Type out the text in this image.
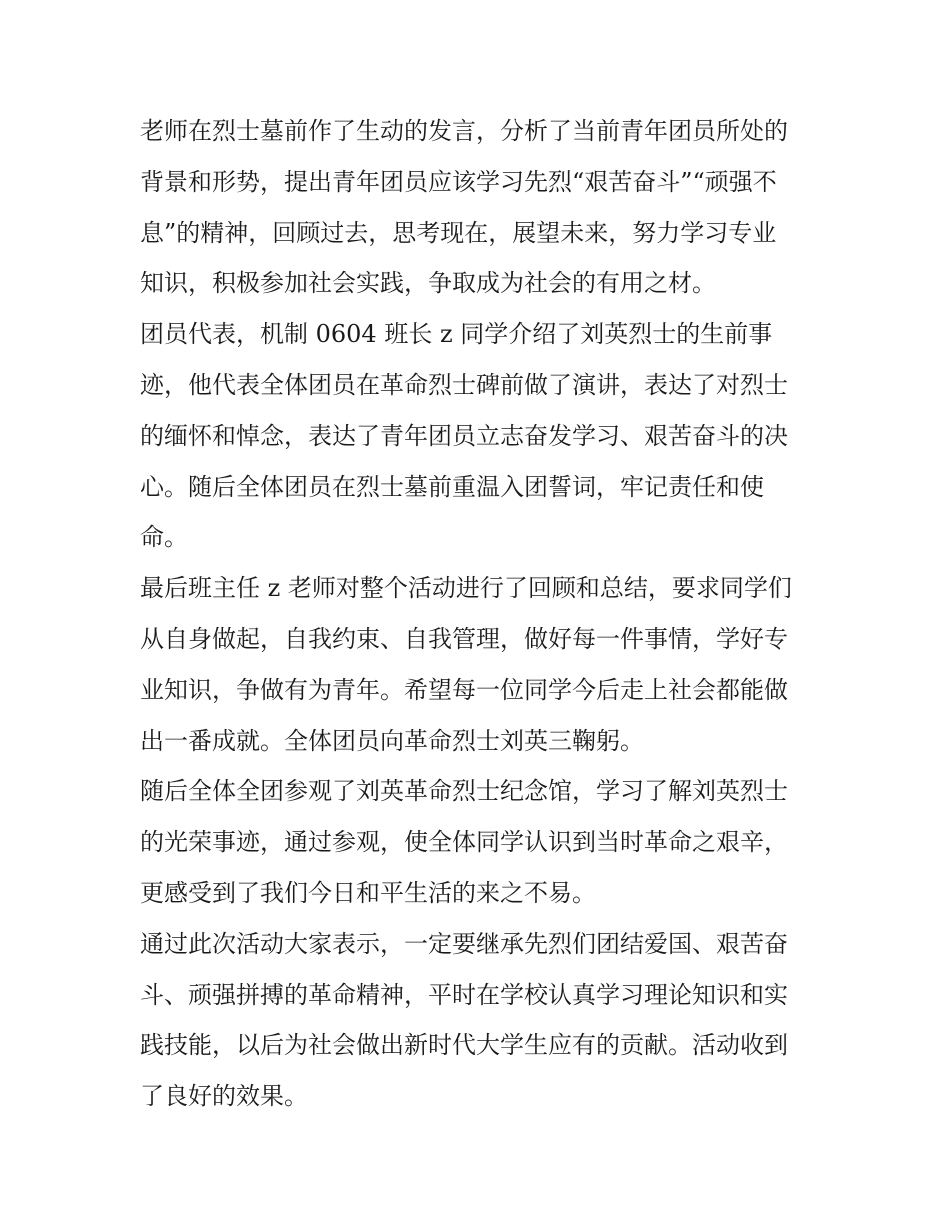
老师在烈士墓前作了生动的发言，分析了当前青年团员所处的
背景和形势，提出青年团员应该学习先烈“艰苦奋斗”“顽强不
息”的精神，回顾过去，思考现在，展望未来，努力学习专业
知识，积极参加社会实践，争取成为社会的有用之材。
团员代表，机制 0604 班长 z 同学介绍了刘英烈士的生前事
迹，他代表全体团员在革命烈士碑前做了演讲，表达了对烈士
的缅怀和悼念，表达了青年团员立志奋发学习、艰苦奋斗的决
心。随后全体团员在烈士墓前重温入团誓词，牢记责任和使
命。
最后班主任 z 老师对整个活动进行了回顾和总结，要求同学们
从自身做起，自我约束、自我管理，做好每一件事情，学好专
业知识，争做有为青年。希望每一位同学今后走上社会都能做
出一番成就。全体团员向革命烈士刘英三鞠躬。
随后全体全团参观了刘英革命烈士纪念馆，学习了解刘英烈士
的光荣事迹，通过参观，使全体同学认识到当时革命之艰辛，
更感受到了我们今日和平生活的来之不易。
通过此次活动大家表示，一定要继承先烈们团结爱国、艰苦奋
斗、顽强拼搏的革命精神，平时在学校认真学习理论知识和实
践技能，以后为社会做出新时代大学生应有的贡献。活动收到
了良好的效果。
